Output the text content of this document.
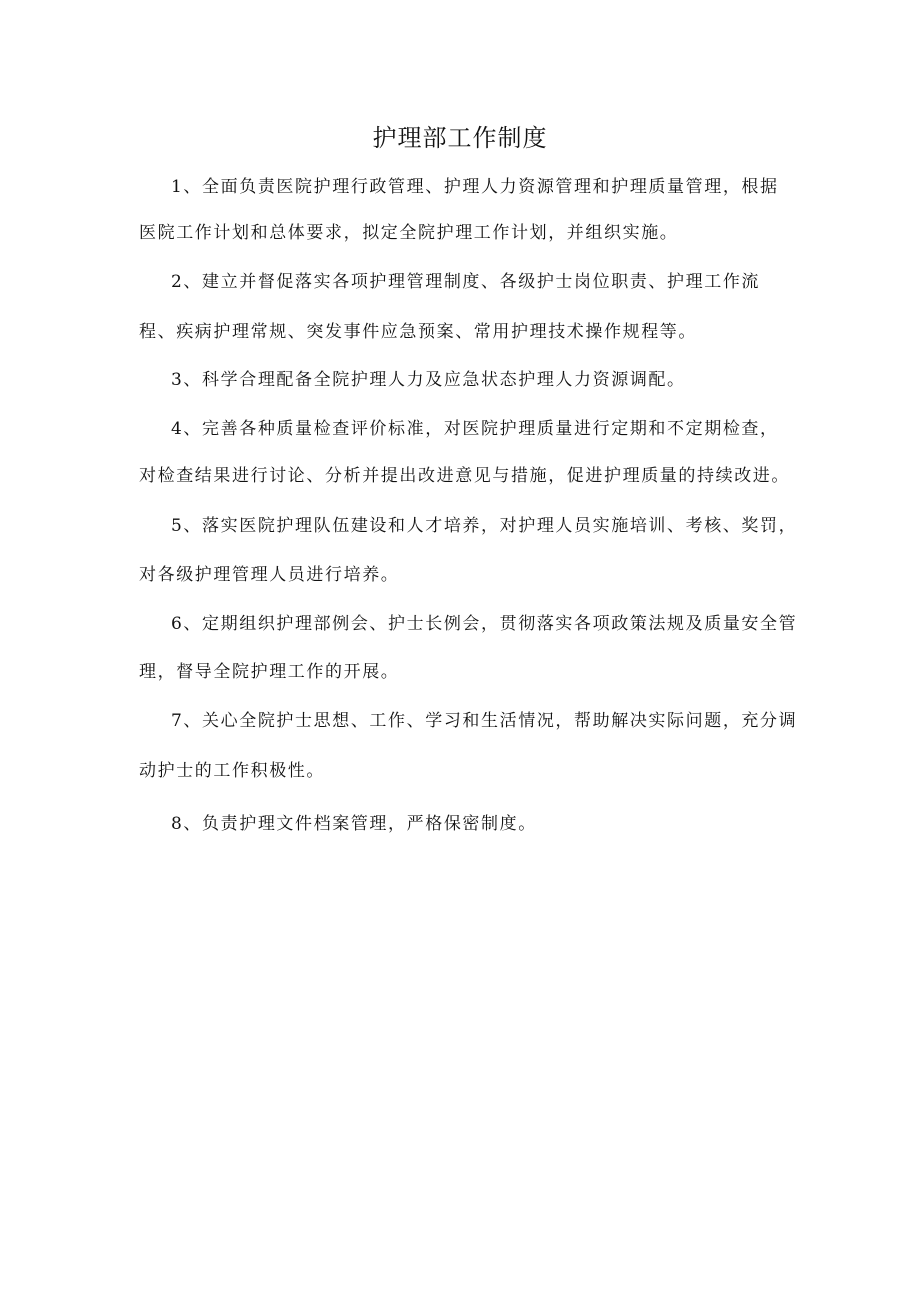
护理部工作制度
1、全面负责医院护理行政管理、护理人力资源管理和护理质量管理，根据
医院工作计划和总体要求，拟定全院护理工作计划，并组织实施。
2、建立并督促落实各项护理管理制度、各级护士岗位职责、护理工作流
程、疾病护理常规、突发事件应急预案、常用护理技术操作规程等。
3、科学合理配备全院护理人力及应急状态护理人力资源调配。
4、完善各种质量检查评价标准，对医院护理质量进行定期和不定期检查，
对检查结果进行讨论、分析并提出改进意见与措施，促进护理质量的持续改进。
5、落实医院护理队伍建设和人才培养，对护理人员实施培训、考核、奖罚，
对各级护理管理人员进行培养。
6、定期组织护理部例会、护士长例会，贯彻落实各项政策法规及质量安全管
理，督导全院护理工作的开展。
7、关心全院护士思想、工作、学习和生活情况，帮助解决实际问题，充分调
动护士的工作积极性。
8、负责护理文件档案管理，严格保密制度。
